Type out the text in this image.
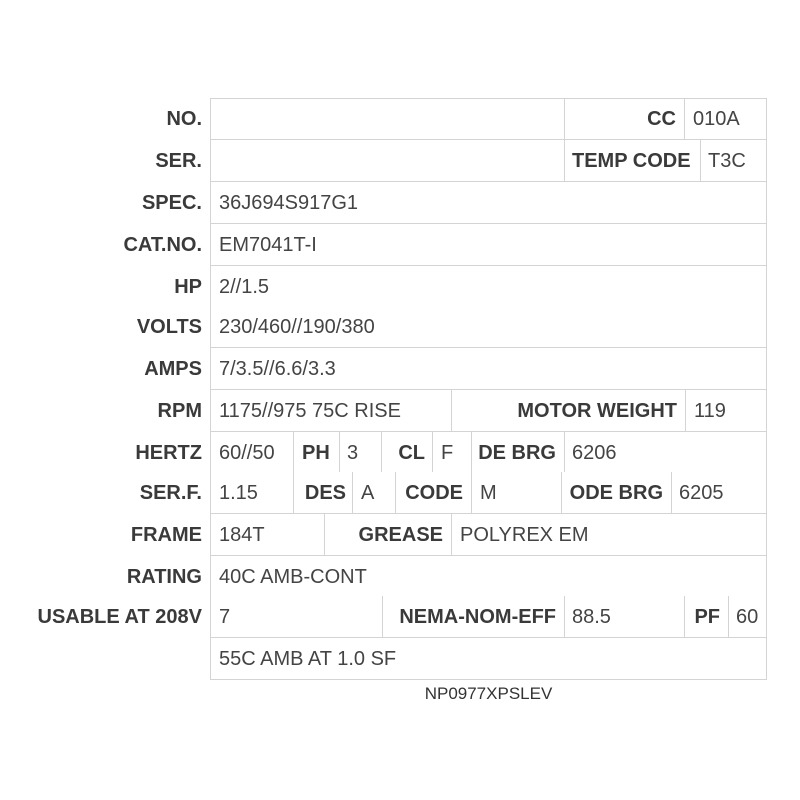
NO.	CC 010A
SER.	TEMP CODE T3C
SPEC. 36J694S917G1
CAT.NO. EM7041T-I
HP 2//1.5
VOLTS 230/460//190/380
AMPS 7/3.5//6.6/3.3
RPM 1175//975 75C RISE	MOTOR WEIGHT 119
HERTZ 60//50 PH 3 CL F DE BRG 6206
SER.F. 1.15 DES A CODE M	ODE BRG 6205
FRAME 184T	GREASE POLYREX EM
RATING 40C AMB-CONT
USABLE AT 208V 7	NEMA-NOM-EFF 88.5	PF 60
55C AMB AT 1.0 SF
NP0977XPSLEV
